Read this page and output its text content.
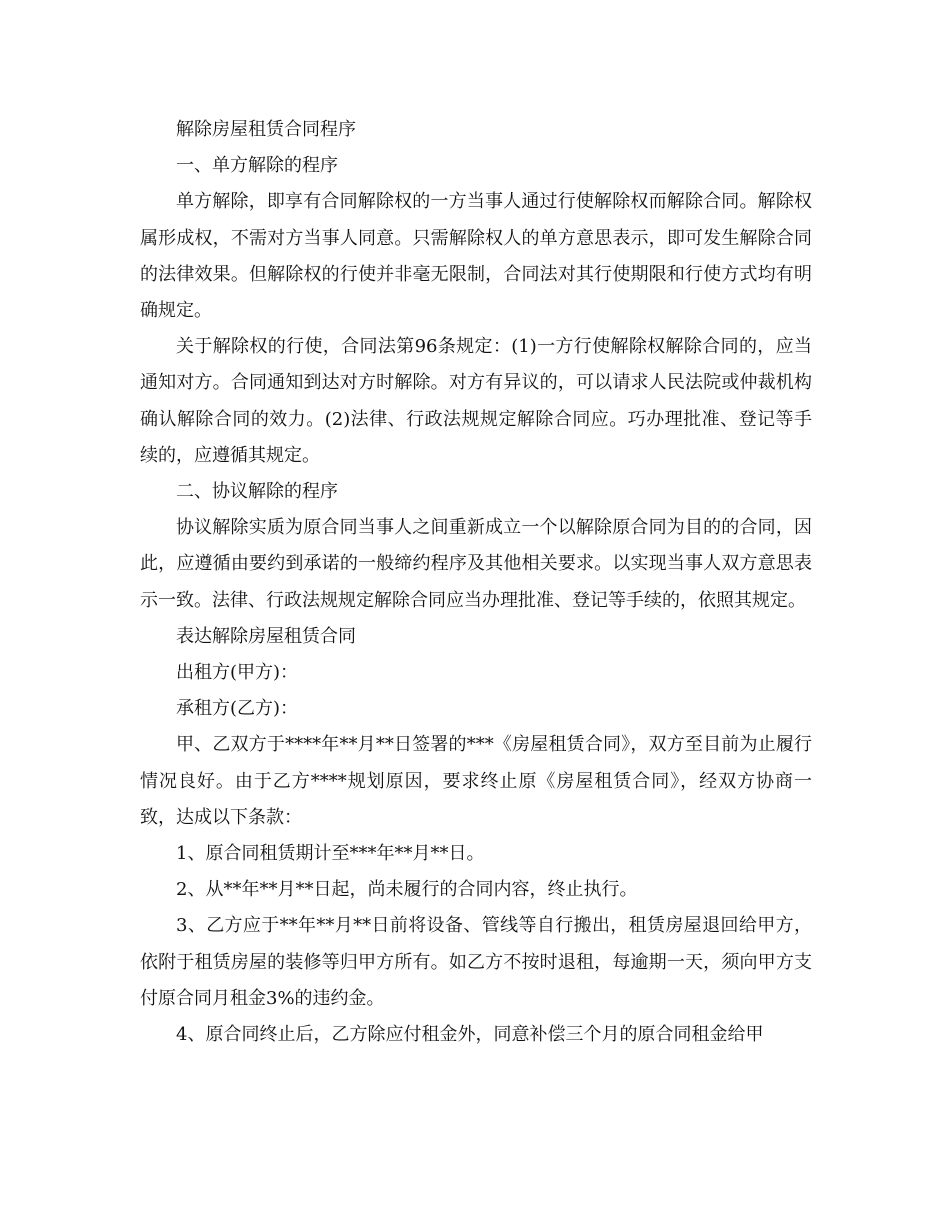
解除房屋租赁合同程序

一、单方解除的程序

单方解除，即享有合同解除权的一方当事人通过行使解除权而解除合同。解除权属形成权，不需对方当事人同意。只需解除权人的单方意思表示，即可发生解除合同的法律效果。但解除权的行使并非毫无限制，合同法对其行使期限和行使方式均有明确规定。

关于解除权的行使，合同法第96条规定：(1)一方行使解除权解除合同的，应当通知对方。合同通知到达对方时解除。对方有异议的，可以请求人民法院或仲裁机构确认解除合同的效力。(2)法律、行政法规规定解除合同应。巧办理批准、登记等手续的，应遵循其规定。

二、协议解除的程序

协议解除实质为原合同当事人之间重新成立一个以解除原合同为目的的合同，因此，应遵循由要约到承诺的一般缔约程序及其他相关要求。以实现当事人双方意思表示一致。法律、行政法规规定解除合同应当办理批准、登记等手续的，依照其规定。

表达解除房屋租赁合同

出租方(甲方)：

承租方(乙方)：

甲、乙双方于****年**月**日签署的***《房屋租赁合同》，双方至目前为止履行情况良好。由于乙方****规划原因，要求终止原《房屋租赁合同》，经双方协商一致，达成以下条款：

1、原合同租赁期计至***年**月**日。

2、从**年**月**日起，尚未履行的合同内容，终止执行。

3、乙方应于**年**月**日前将设备、管线等自行搬出，租赁房屋退回给甲方，依附于租赁房屋的装修等归甲方所有。如乙方不按时退租，每逾期一天，须向甲方支付原合同月租金3%的违约金。

4、原合同终止后，乙方除应付租金外，同意补偿三个月的原合同租金给甲
